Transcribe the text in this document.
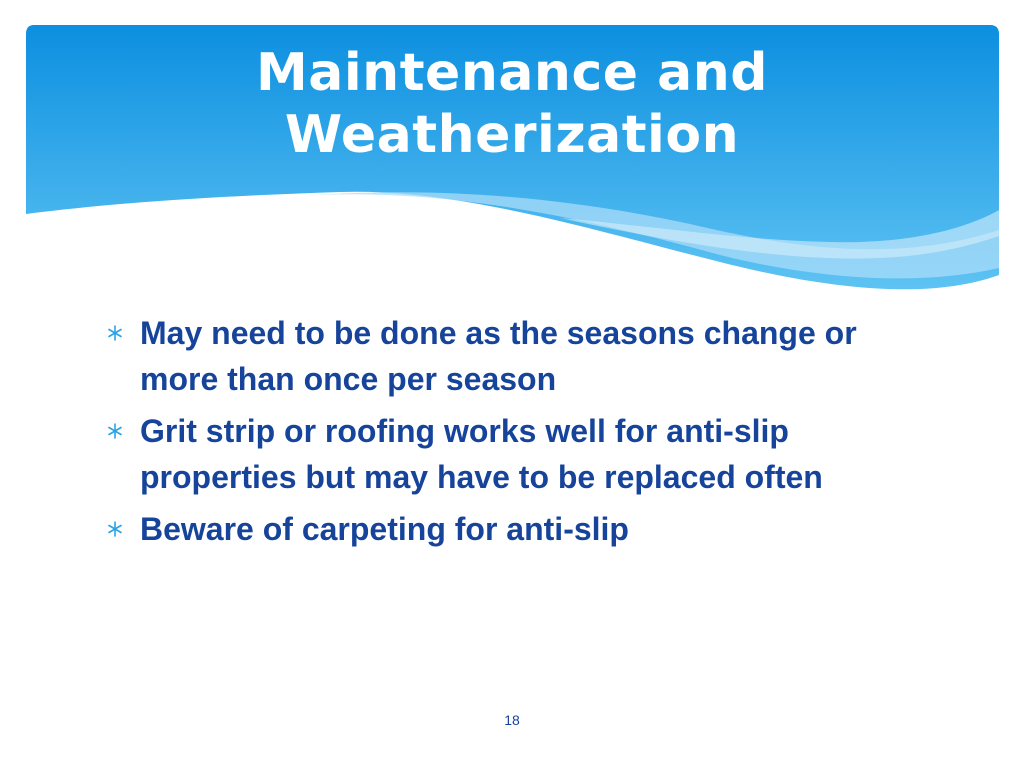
Maintenance and Weatherization
May need to be done as the seasons change or more than once per season
Grit strip or roofing works well for anti-slip properties but may have to be replaced often
Beware of carpeting for anti-slip
18
